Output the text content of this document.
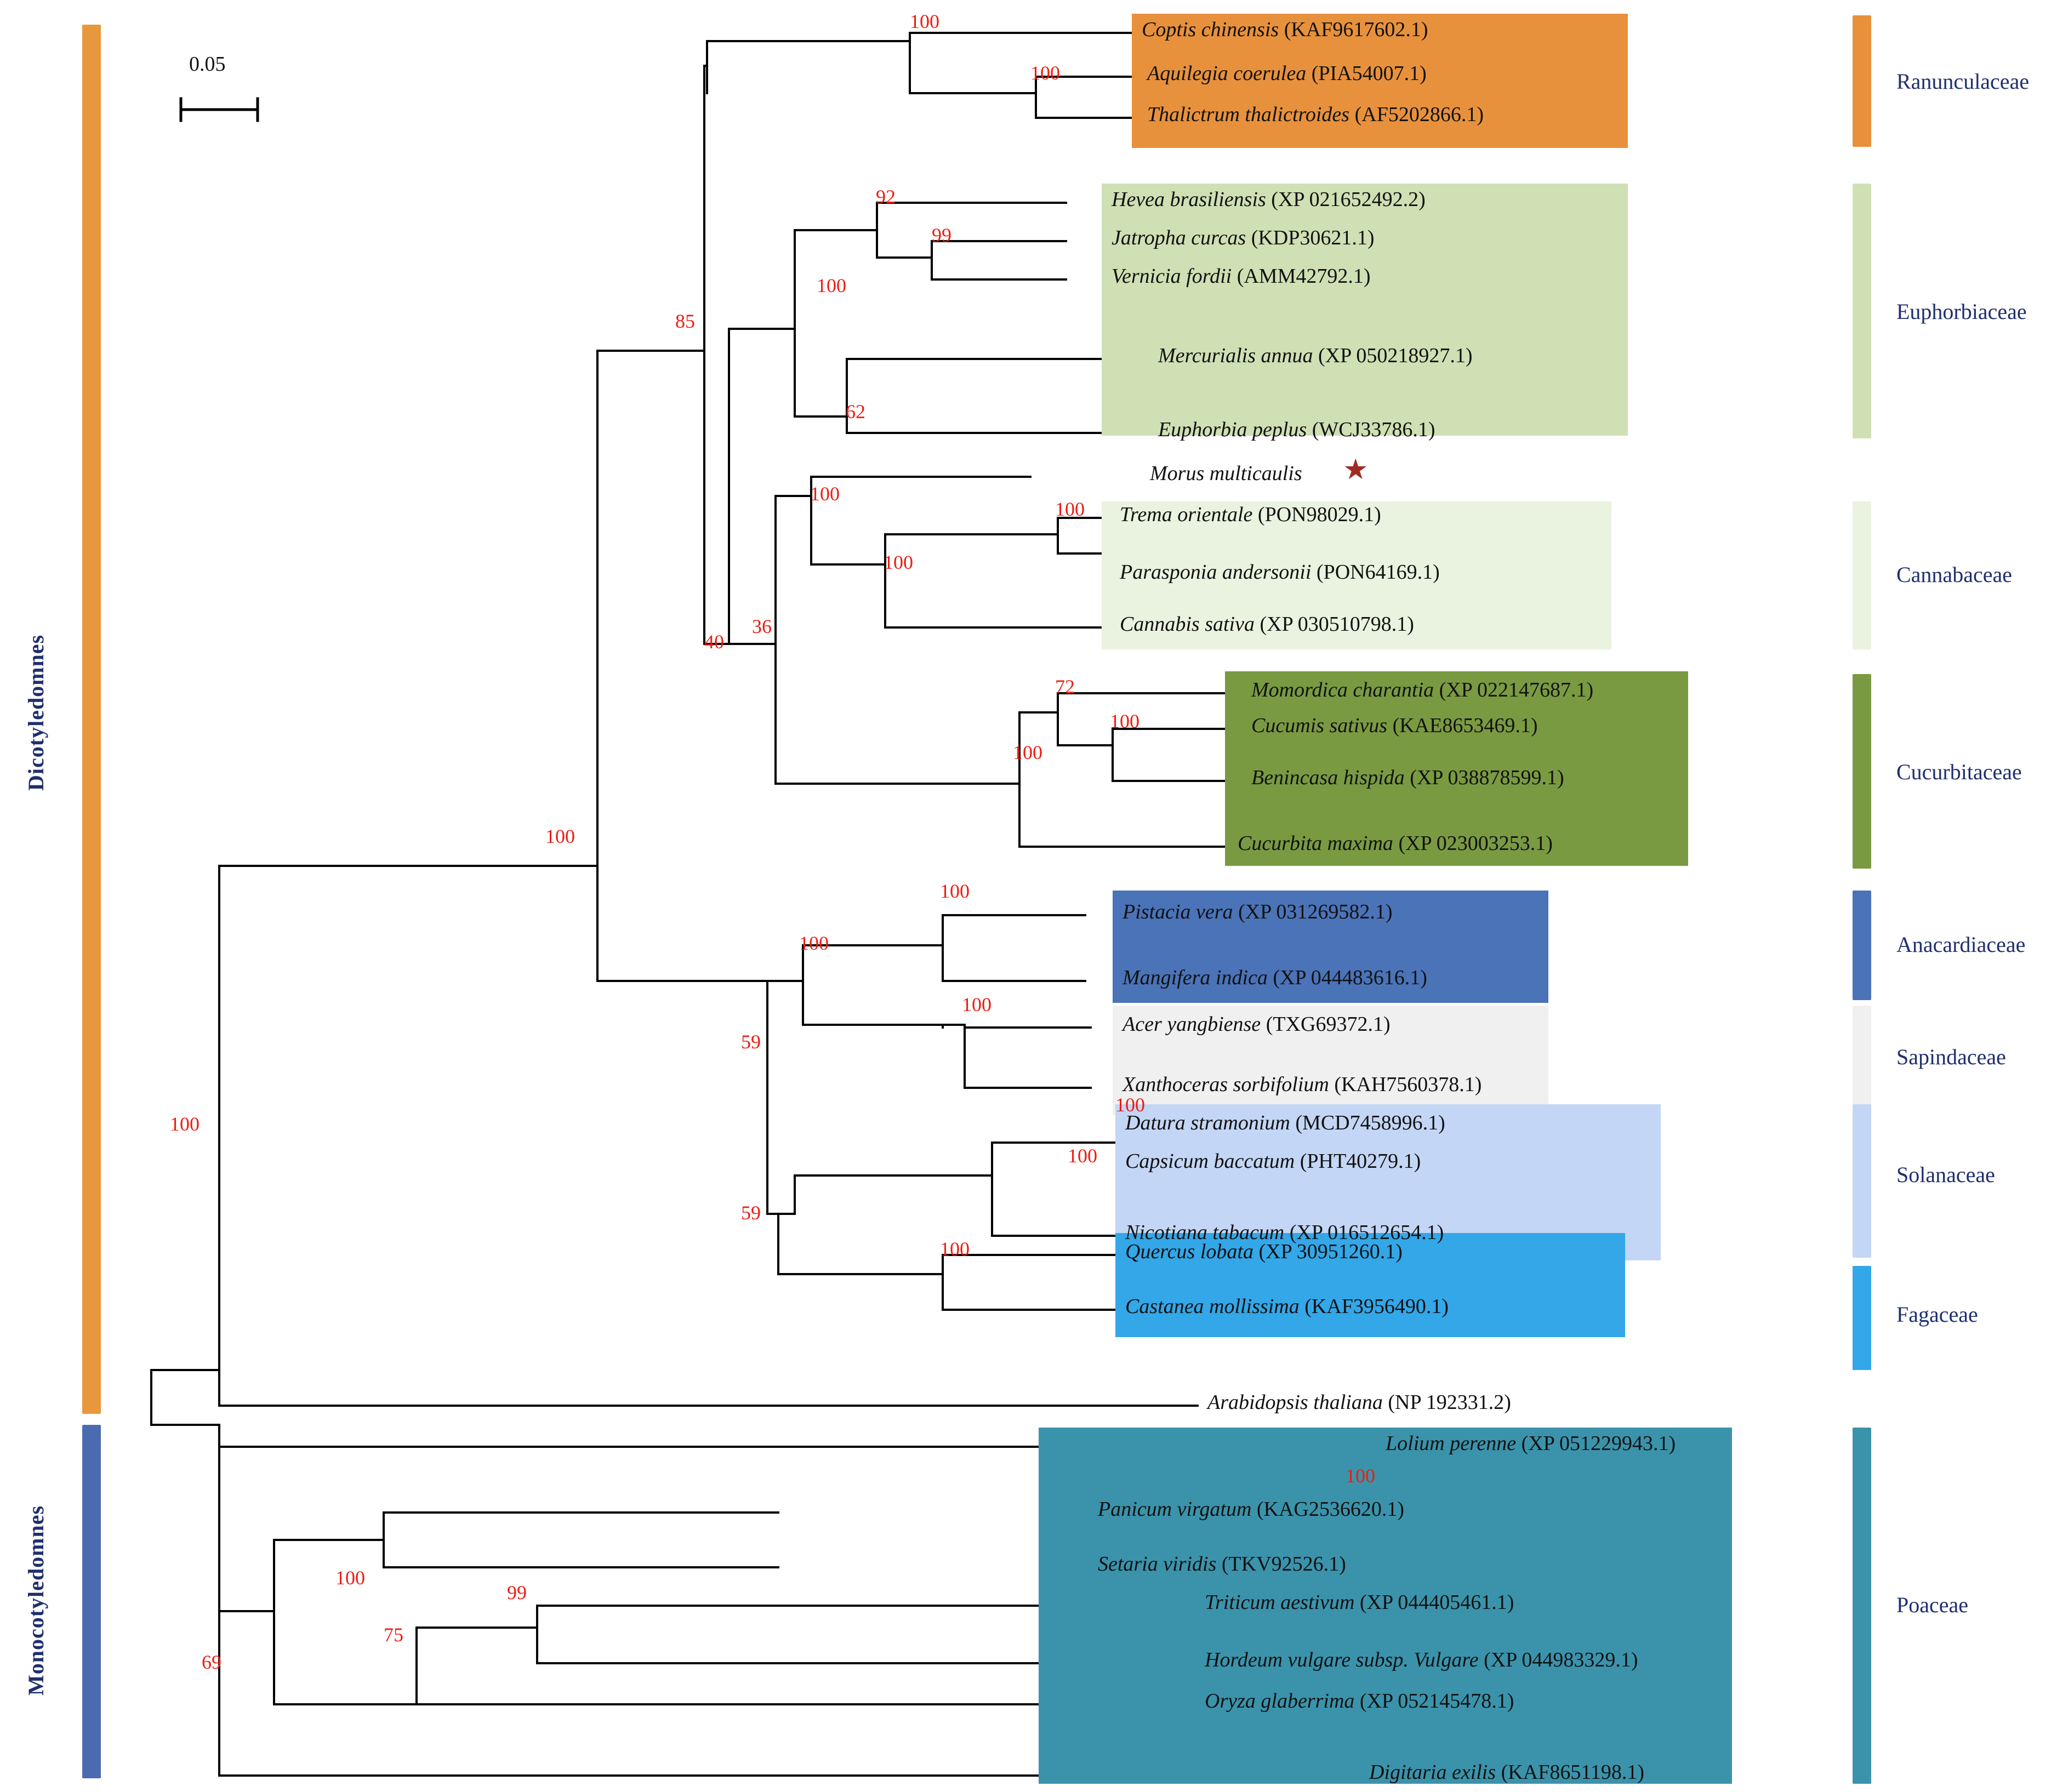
0.05
Dicotyledomnes
Monocotyledomnes
Coptis chinensis (KAF9617602.1)
Aquilegia coerulea (PIA54007.1)
Thalictrum thalictroides (AF5202866.1)
Hevea brasiliensis (XP 021652492.2)
Jatropha curcas (KDP30621.1)
Vernicia fordii (AMM42792.1)
Mercurialis annua (XP 050218927.1)
Euphorbia peplus (WCJ33786.1)
Morus multicaulis ★
Trema orientale (PON98029.1)
Parasponia andersonii (PON64169.1)
Cannabis sativa (XP 030510798.1)
Momordica charantia (XP 022147687.1)
Cucumis sativus (KAE8653469.1)
Benincasa hispida (XP 038878599.1)
Cucurbita maxima (XP 023003253.1)
Pistacia vera (XP 031269582.1)
Mangifera indica (XP 044483616.1)
Acer yangbiense (TXG69372.1)
Xanthoceras sorbifolium (KAH7560378.1)
Datura stramonium (MCD7458996.1)
Capsicum baccatum (PHT40279.1)
Nicotiana tabacum (XP 016512654.1)
Quercus lobata (XP 30951260.1)
Castanea mollissima (KAF3956490.1)
Arabidopsis thaliana (NP 192331.2)
Lolium perenne (XP 051229943.1)
Panicum virgatum (KAG2536620.1)
Setaria viridis (TKV92526.1)
Triticum aestivum (XP 044405461.1)
Hordeum vulgare subsp. Vulgare (XP 044983329.1)
Oryza glaberrima (XP 052145478.1)
Digitaria exilis (KAF8651198.1)
100
100
92
99
100
62
85
100
100
100
40
36
72
100
100
100
100
100
100
59
100
100
59
100
100
100
100
99
75
69
Ranunculaceae
Euphorbiaceae
Cannabaceae
Cucurbitaceae
Anacardiaceae
Sapindaceae
Solanaceae
Fagaceae
Poaceae
